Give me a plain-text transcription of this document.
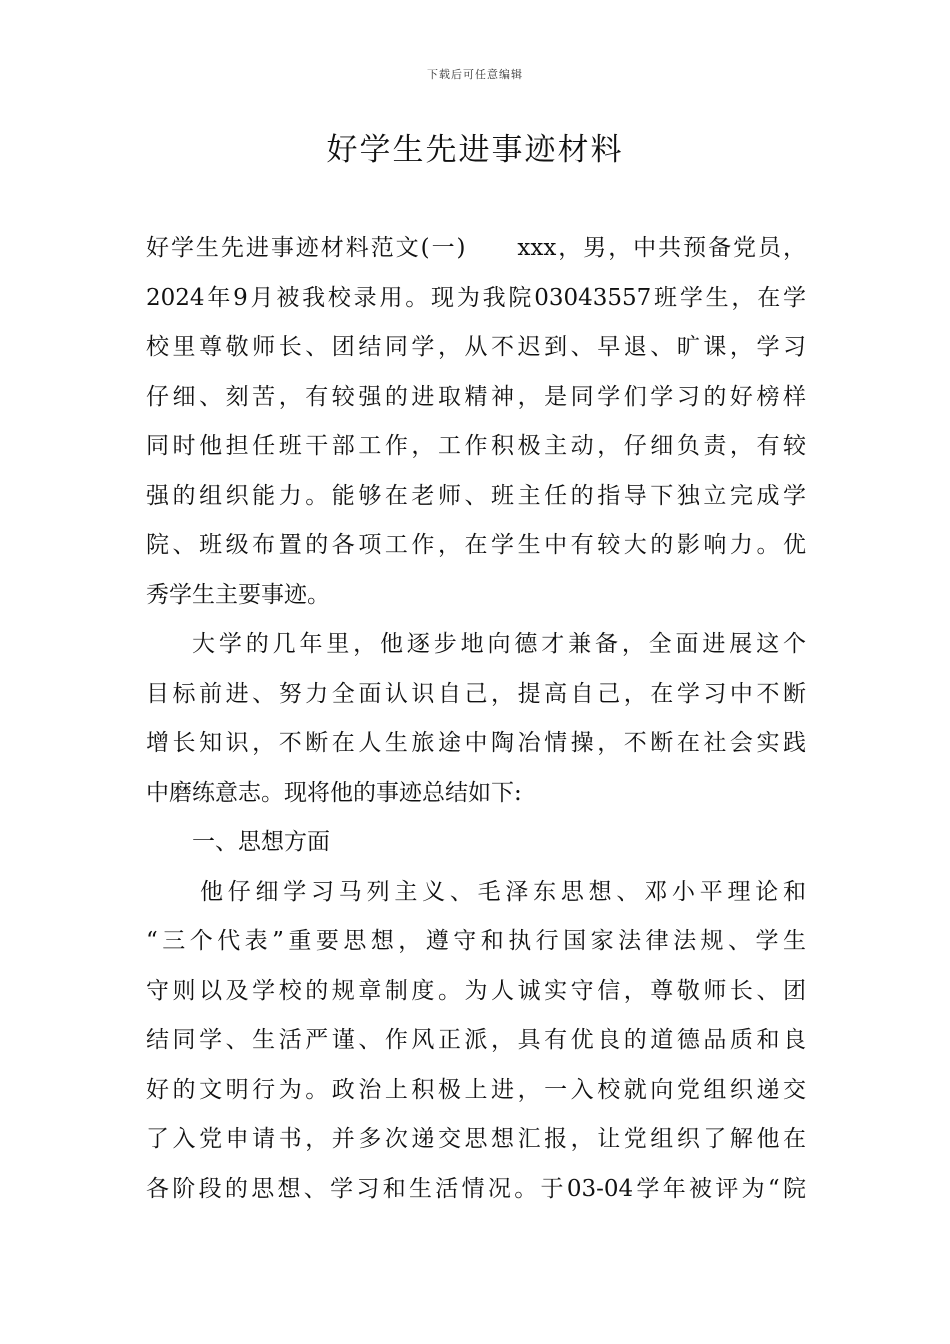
下载后可任意编辑
好学生先进事迹材料
好学生先进事迹材料范文(一)　　xxx，男，中共预备党员，
2024年9月被我校录用。现为我院03043557班学生，在学
校里尊敬师长、团结同学，从不迟到、早退、旷课，学习
仔细、刻苦，有较强的进取精神，是同学们学习的好榜样
同时他担任班干部工作，工作积极主动，仔细负责，有较
强的组织能力。能够在老师、班主任的指导下独立完成学
院、班级布置的各项工作，在学生中有较大的影响力。优
秀学生主要事迹。
大学的几年里，他逐步地向德才兼备，全面进展这个
目标前进、努力全面认识自己，提高自己，在学习中不断
增长知识，不断在人生旅途中陶冶情操，不断在社会实践
中磨练意志。现将他的事迹总结如下:
一、思想方面
他仔细学习马列主义、毛泽东思想、邓小平理论和
“三个代表”重要思想，遵守和执行国家法律法规、学生
守则以及学校的规章制度。为人诚实守信，尊敬师长、团
结同学、生活严谨、作风正派，具有优良的道德品质和良
好的文明行为。政治上积极上进，一入校就向党组织递交
了入党申请书，并多次递交思想汇报，让党组织了解他在
各阶段的思想、学习和生活情况。于03-04学年被评为“院
